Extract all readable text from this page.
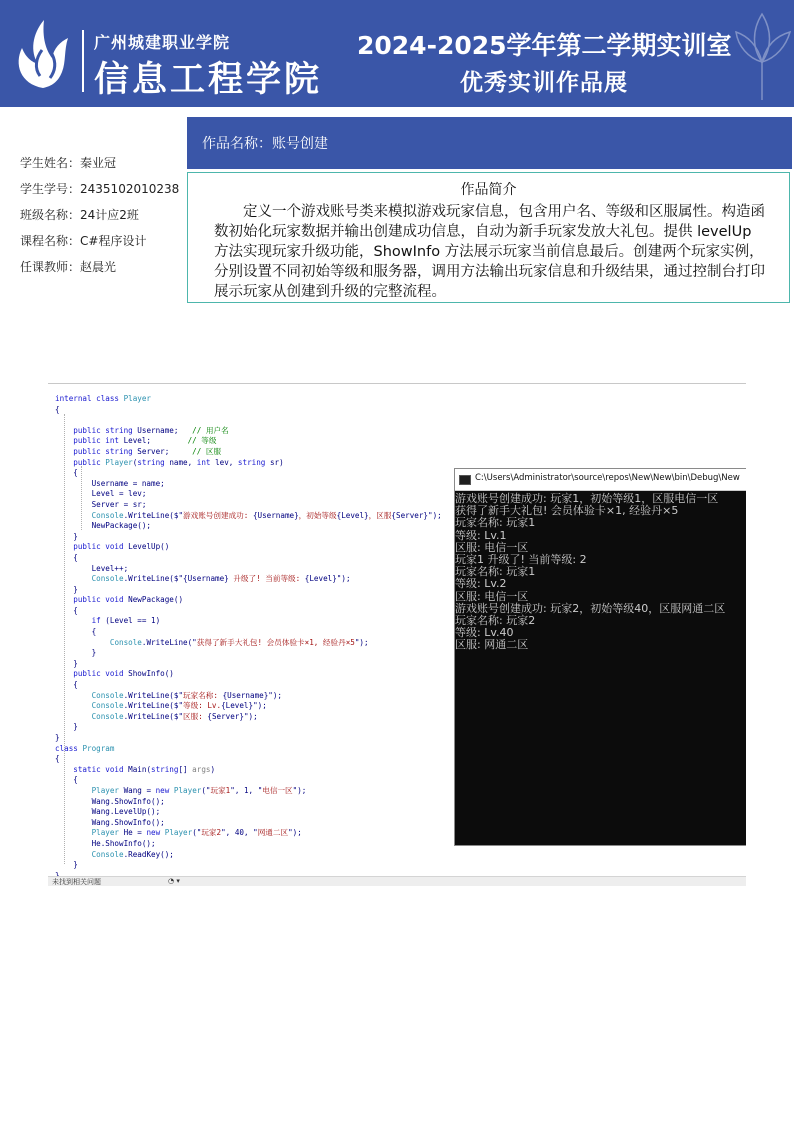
广州城建职业学院
信息工程学院
2024-2025学年第二学期实训室
优秀实训作品展
学生姓名：秦业冠
学生学号：2435102010238
班级名称：24计应2班
课程名称：C#程序设计
任课教师：赵晨光
作品名称：账号创建
作品简介
定义一个游戏账号类来模拟游戏玩家信息，包含用户名、等级和区服属性。构造函数初始化玩家数据并输出创建成功信息，自动为新手玩家发放大礼包。提供 levelUp 方法实现玩家升级功能，ShowInfo 方法展示玩家当前信息最后。创建两个玩家实例，分别设置不同初始等级和服务器，调用方法输出玩家信息和升级结果，通过控制台打印展示玩家从创建到升级的完整流程。
internal class Player
{
public string Username;   // 用户名
public int Level;        // 等级
public string Server;     // 区服
public Player(string name, int lev, string sr)
{
Username = name;
Level = lev;
Server = sr;
Console.WriteLine($"游戏账号创建成功: {Username}，初始等级{Level}，区服{Server}");
NewPackage();
}
public void LevelUp()
{
Level++;
Console.WriteLine($"{Username} 升级了! 当前等级: {Level}");
}
public void NewPackage()
{
if (Level == 1)
{
Console.WriteLine("获得了新手大礼包! 会员体验卡×1, 经验丹×5");
}
}
public void ShowInfo()
{
Console.WriteLine($"玩家名称: {Username}");
Console.WriteLine($"等级: Lv.{Level}");
Console.WriteLine($"区服: {Server}");
}
}
class Program
{
static void Main(string[] args)
{
Player Wang = new Player("玩家1", 1, "电信一区");
Wang.ShowInfo();
Wang.LevelUp();
Wang.ShowInfo();
Player He = new Player("玩家2", 40, "网通二区");
He.ShowInfo();
Console.ReadKey();
}
未找到相关问题	◔ ▾
C:\Users\Administrator\source\repos\New\New\bin\Debug\New
游戏账号创建成功: 玩家1，初始等级1，区服电信一区
获得了新手大礼包! 会员体验卡×1, 经验丹×5
玩家名称: 玩家1
等级: Lv.1
区服: 电信一区
玩家1 升级了! 当前等级: 2
玩家名称: 玩家1
等级: Lv.2
区服: 电信一区
游戏账号创建成功: 玩家2，初始等级40，区服网通二区
玩家名称: 玩家2
等级: Lv.40
区服: 网通二区
